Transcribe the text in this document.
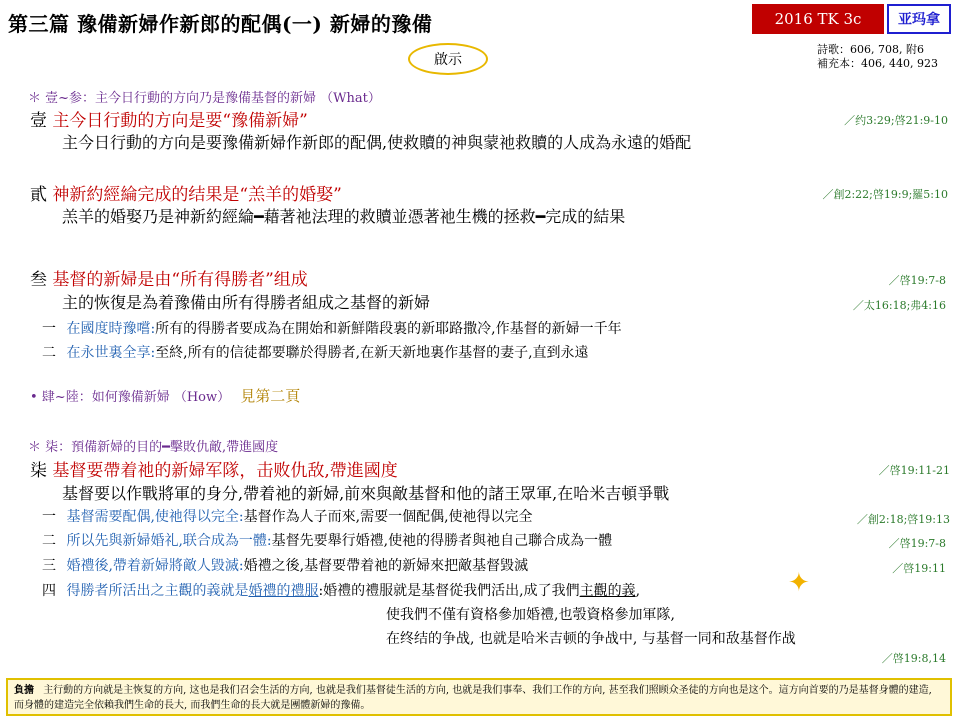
第三篇 豫備新婦作新郎的配偶(一) 新婦的豫備	2016 TK 3c	亚玛拿
啟示
詩歌：606, 708, 附6
補充本：406, 440, 923
＊ 壹~参：主今日行動的方向乃是豫備基督的新婦 （What）
壹 主今日行動的方向是要“豫備新婦”	／约3:29;啓21:9-10
主今日行動的方向是要豫備新婦作新郎的配偶,使救贖的神與蒙祂救贖的人成為永遠的婚配
貳 神新約經綸完成的结果是“羔羊的婚娶”	／創2:22;啓19:9;羅5:10
羔羊的婚娶乃是神新約經綸━藉著祂法理的救贖並憑著祂生機的拯救━完成的結果
叁 基督的新婦是由“所有得勝者”组成	／啓19:7-8
主的恢復是為着豫備由所有得勝者組成之基督的新婦	／太16:18;弗4:16
一 在國度時豫嚐:所有的得勝者要成為在開始和新鮮階段裏的新耶路撒冷,作基督的新婦一千年
二 在永世裏全享:至終,所有的信徒都要聯於得勝者,在新天新地裏作基督的妻子,直到永遠
• 肆~陸：如何豫備新婦 （How） 見第二頁
＊ 柒：預備新婦的目的━擊敗仇敵,帶進國度
柒 基督要帶着祂的新婦军隊，击败仇敌,帶進國度	／啓19:11-21
基督要以作戰將軍的身分,帶着祂的新婦,前來與敵基督和他的諸王眾軍,在哈米吉頓爭戰
一 基督需要配偶,使祂得以完全:基督作為人子而來,需要一個配偶,使祂得以完全	／創2:18;啓19:13
二 所以先與新婦婚礼,联合成為一體:基督先要舉行婚禮,使祂的得勝者與祂自己聯合成為一體	／啓19:7-8
三 婚禮後,帶着新婦將敵人毀滅:婚禮之後,基督要帶着祂的新婦來把敵基督毀滅	／啓19:11
四 得勝者所活出之主觀的義就是婚禮的禮服:婚禮的禮服就是基督從我們活出,成了我們主觀的義,	✦
使我們不僅有資格參加婚禮,也彀資格參加軍隊,
在终结的争战, 也就是哈米吉顿的争战中, 与基督一同和敌基督作战
／啓19:8,14
負擔 主行動的方向就是主恢复的方向, 这也是我们召会生活的方向, 也就是我们基督徒生活的方向, 也就是我们事奉、我们工作的方向, 甚至我们照顾众圣徒的方向也是这个。這方向首要的乃是基督身體的建造, 而身體的建造完全依賴我們生命的長大, 而我們生命的長大就是團體新婦的豫備。
